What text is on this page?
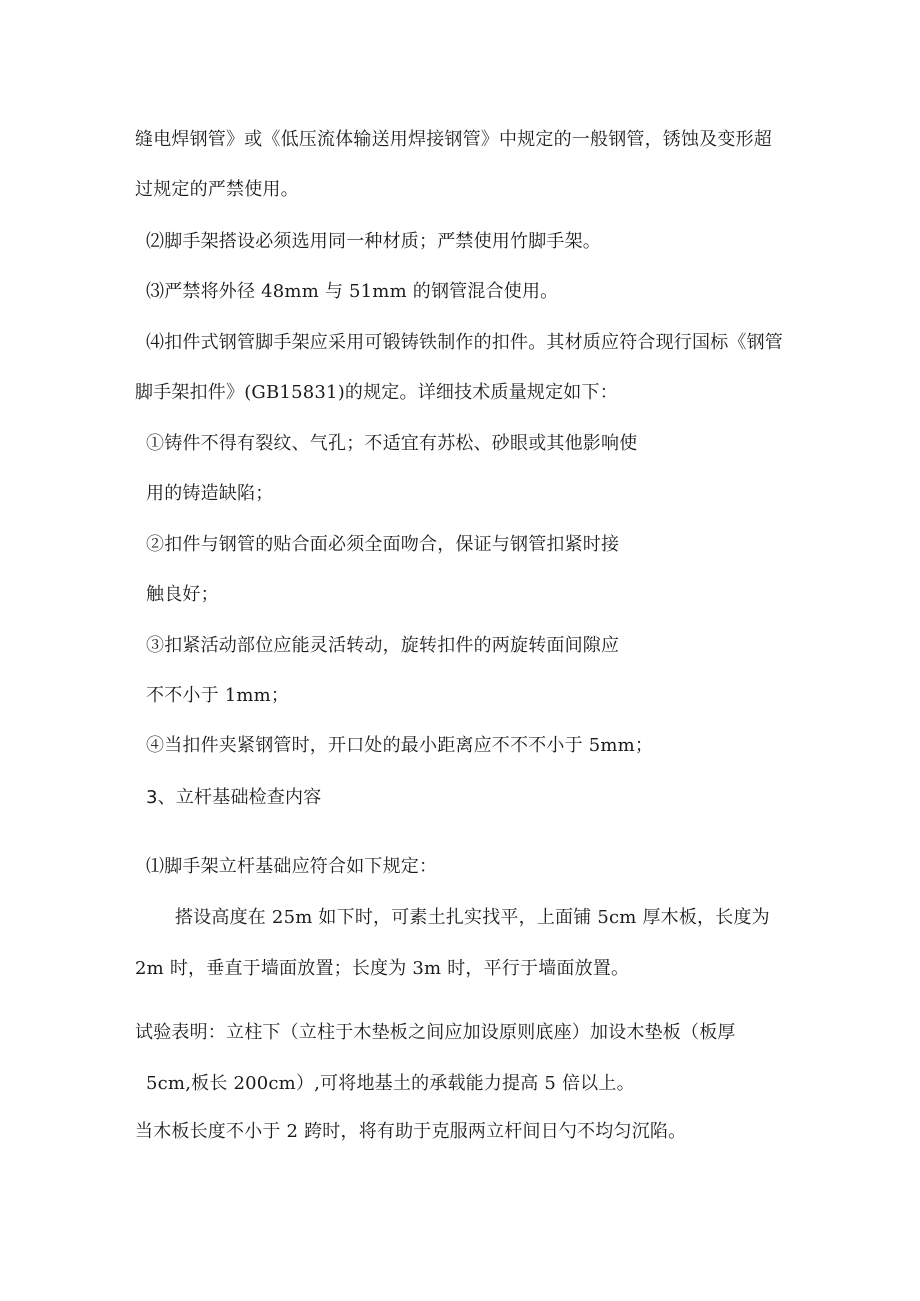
缝电焊钢管》或《低压流体输送用焊接钢管》中规定的一般钢管，锈蚀及变形超
过规定的严禁使用。
⑵脚手架搭设必须选用同一种材质；严禁使用竹脚手架。
⑶严禁将外径 48mm 与 51mm 的钢管混合使用。
⑷扣件式钢管脚手架应采用可锻铸铁制作的扣件。其材质应符合现行国标《钢管
脚手架扣件》(GB15831)的规定。详细技术质量规定如下：
①铸件不得有裂纹、气孔；不适宜有苏松、砂眼或其他影响使
用的铸造缺陷；
②扣件与钢管的贴合面必须全面吻合，保证与钢管扣紧时接
触良好；
③扣紧活动部位应能灵活转动，旋转扣件的两旋转面间隙应
不不小于 1mm；
④当扣件夹紧钢管时，开口处的最小距离应不不不小于 5mm；
3、立杆基础检查内容
⑴脚手架立杆基础应符合如下规定：
搭设高度在 25m 如下时，可素土扎实找平，上面铺 5cm 厚木板，长度为
2m 时，垂直于墙面放置；长度为 3m 时，平行于墙面放置。
试验表明：立柱下（立柱于木垫板之间应加设原则底座）加设木垫板（板厚
5cm,板长 200cm）,可将地基土的承载能力提高 5 倍以上。
当木板长度不小于 2 跨时，将有助于克服两立杆间日勺不均匀沉陷。
